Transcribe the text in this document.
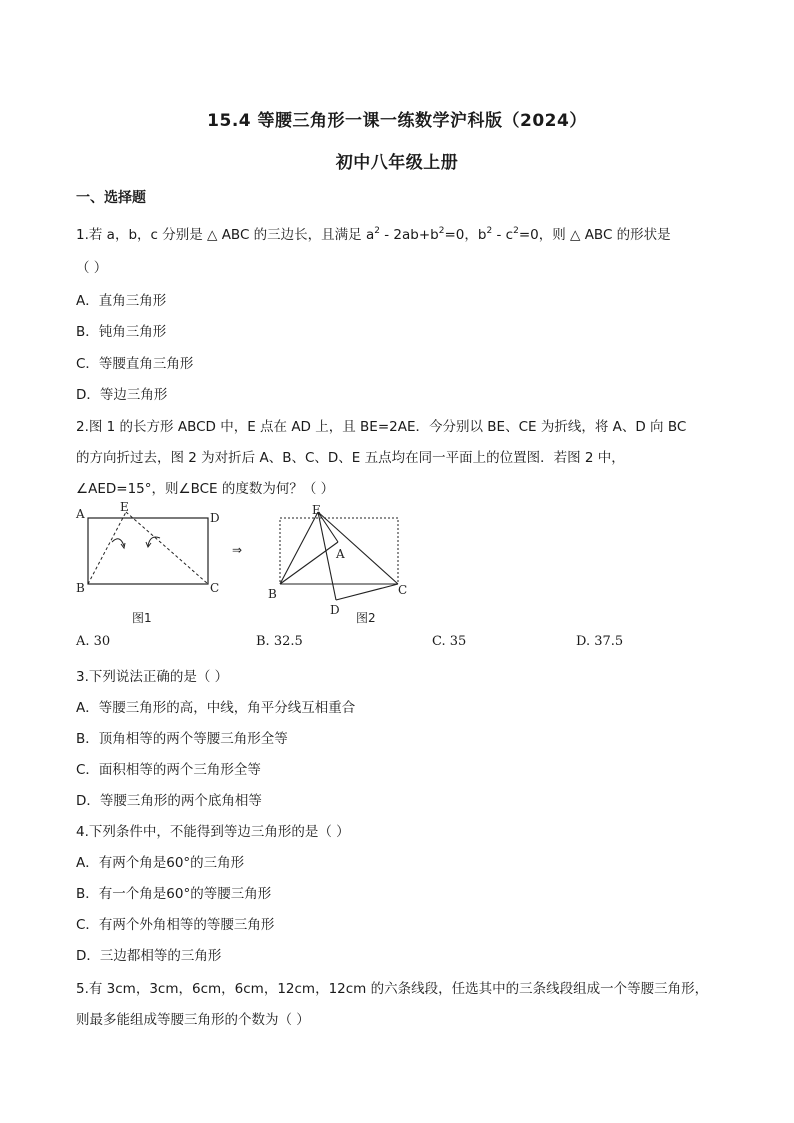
15.4 等腰三角形一课一练数学沪科版（2024）
初中八年级上册
一、选择题
1.若 a，b，c 分别是 △ ABC 的三边长，且满足 $a^2 - 2ab+b^2=0$，$b^2 - c^2=0$，则 △ ABC 的形状是
（ ）
A．直角三角形
B．钝角三角形
C．等腰直角三角形
D．等边三角形
2.图 1 的长方形 ABCD 中，E 点在 AD 上，且 BE=2AE．今分别以 BE、CE 为折线，将 A、D 向 BC
的方向折过去，图 2 为对折后 A、B、C、D、E 五点均在同一平面上的位置图．若图 2 中，
∠AED=15°，则∠BCE 的度数为何？（ ）
A	E
D
B	C
图1
⇒
E
A
B	C
D
图2
A. 30	B. 32.5	C. 35	D. 37.5
3.下列说法正确的是（ ）
A．等腰三角形的高，中线，角平分线互相重合
B．顶角相等的两个等腰三角形全等
C．面积相等的两个三角形全等
D．等腰三角形的两个底角相等
4.下列条件中，不能得到等边三角形的是（ ）
A．有两个角是60°的三角形
B．有一个角是60°的等腰三角形
C．有两个外角相等的等腰三角形
D．三边都相等的三角形
5.有 3cm，3cm，6cm，6cm，12cm，12cm 的六条线段，任选其中的三条线段组成一个等腰三角形，
则最多能组成等腰三角形的个数为（ ）
